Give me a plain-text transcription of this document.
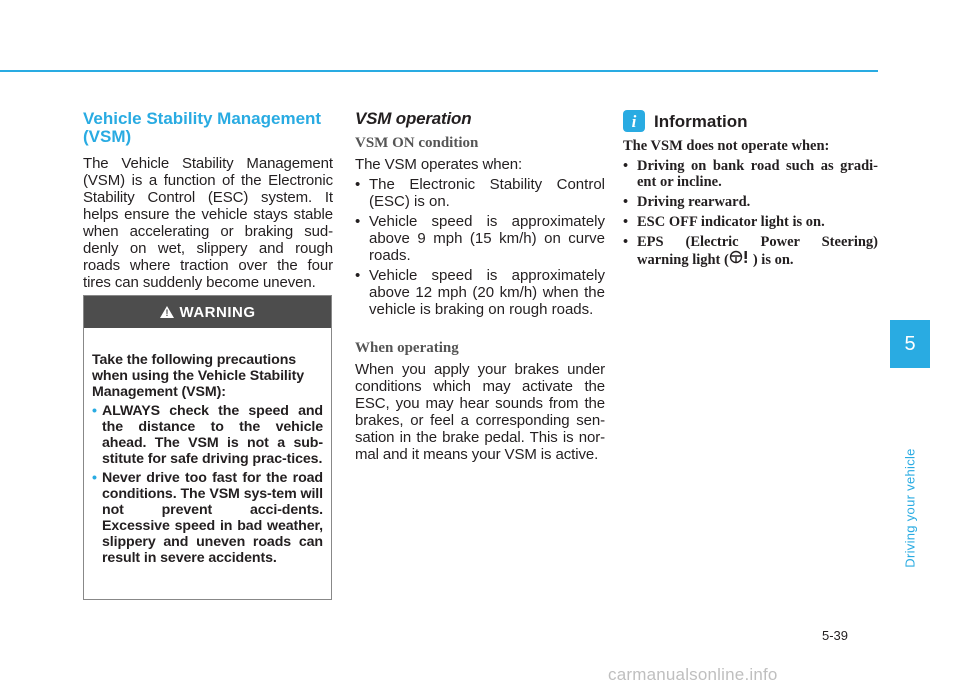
Vehicle Stability Management (VSM)

The Vehicle Stability Management (VSM) is a function of the Electronic Stability Control (ESC) system. It helps ensure the vehicle stays stable when accelerating or braking sud-denly on wet, slippery and rough roads where traction over the four tires can suddenly become uneven.

! WARNING

Take the following precautions when using the Vehicle Stability Management (VSM):

• ALWAYS check the speed and the distance to the vehicle ahead. The VSM is not a sub-stitute for safe driving prac-tices.
• Never drive too fast for the road conditions. The VSM sys-tem will not prevent acci-dents. Excessive speed in bad weather, slippery and uneven roads can result in severe accidents.
VSM operation
VSM ON condition

The VSM operates when:

• The Electronic Stability Control (ESC) is on.
• Vehicle speed is approximately above 9 mph (15 km/h) on curve roads.
• Vehicle speed is approximately above 12 mph (20 km/h) when the vehicle is braking on rough roads.
When operating

When you apply your brakes under conditions which may activate the ESC, you may hear sounds from the brakes, or feel a corresponding sen-sation in the brake pedal. This is nor-mal and it means your VSM is active.

i	Information

The VSM does not operate when:

• Driving on bank road such as gradi-ent or incline.
• Driving rearward.
• ESC OFF indicator light is on.
• EPS (Electric Power Steering) warning light ( ) is on.
5
Driving your vehicle
5-39
carmanualsonline.info
